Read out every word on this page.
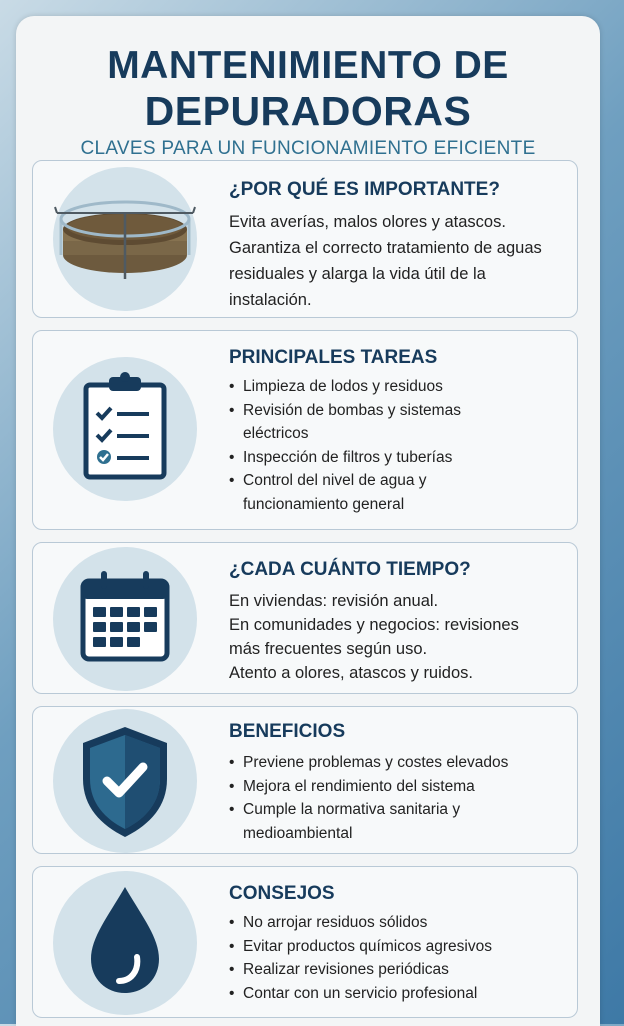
MANTENIMIENTO DE
DEPURADORAS
CLAVES PARA UN FUNCIONAMIENTO EFICIENTE
¿POR QUÉ ES IMPORTANTE?

Evita averías, malos olores y atascos. Garantiza el correcto tratamiento de aguas residuales y alarga la vida útil de la instalación.

PRINCIPALES TAREAS
• Limpieza de lodos y residuos
• Revisión de bombas y sistemas eléctricos
• Inspección de filtros y tuberías
• Control del nivel de agua y funcionamiento general
¿CADA CUÁNTO TIEMPO?

En viviendas: revisión anual.

En comunidades y negocios: revisiones más frecuentes según uso.

Atento a olores, atascos y ruidos.

BENEFICIOS
• Previene problemas y costes elevados
• Mejora el rendimiento del sistema
• Cumple la normativa sanitaria y medioambiental
CONSEJOS
• No arrojar residuos sólidos
• Evitar productos químicos agresivos
• Realizar revisiones periódicas
• Contar con un servicio profesional
